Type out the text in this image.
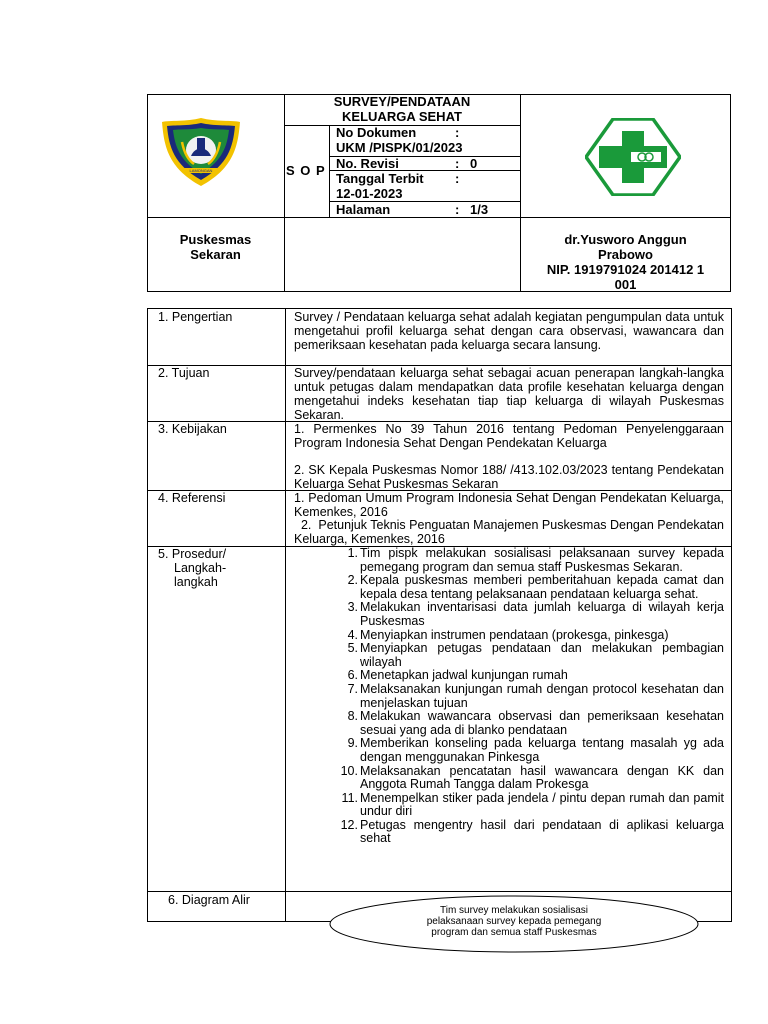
LAMONGAN
SURVEY/PENDATAAN
KELUARGA SEHAT
S O P
No Dokumen	:
UKM /PISPK/01/2023
No. Revisi	: 0
Tanggal Terbit :
12-01-2023
Halaman	: 1/3
Puskesmas
Sekaran
dr.Yusworo Anggun
Prabowo
NIP. 1919791024 201412 1
001
1. Pengertian	Survey / Pendataan keluarga sehat adalah kegiatan pengumpulan data untuk mengetahui profil keluarga sehat dengan cara observasi, wawancara dan pemeriksaan kesehatan pada keluarga secara lansung.
2. Tujuan	Survey/pendataan keluarga sehat sebagai acuan penerapan langkah-langka untuk petugas dalam mendapatkan data profile kesehatan keluarga dengan mengetahui indeks kesehatan tiap tiap keluarga di wilayah Puskesmas Sekaran.
3. Kebijakan	1. Permenkes No 39 Tahun 2016 tentang Pedoman Penyelenggaraan Program Indonesia Sehat Dengan Pendekatan Keluarga
2. SK Kepala Puskesmas Nomor 188/ /413.102.03/2023 tentang Pendekatan Keluarga Sehat Puskesmas Sekaran
4. Referensi	1. Pedoman Umum Program Indonesia Sehat Dengan Pendekatan Keluarga, Kemenkes, 2016
2.  Petunjuk Teknis Penguatan Manajemen Puskesmas Dengan Pendekatan Keluarga, Kemenkes, 2016
5. Prosedur/
Langkah-
langkah
1. Tim pispk melakukan sosialisasi pelaksanaan survey kepada pemegang program dan semua staff Puskesmas Sekaran.
2. Kepala puskesmas memberi pemberitahuan kepada camat dan kepala desa tentang pelaksanaan pendataan keluarga sehat.
3. Melakukan inventarisasi data jumlah keluarga di wilayah kerja Puskesmas
4. Menyiapkan instrumen pendataan (prokesga, pinkesga)
5. Menyiapkan petugas pendataan dan melakukan pembagian wilayah
6. Menetapkan jadwal kunjungan rumah
7. Melaksanakan kunjungan rumah dengan protocol kesehatan dan menjelaskan tujuan
8. Melakukan wawancara observasi dan pemeriksaan kesehatan sesuai yang ada di blanko pendataan
9. Memberikan konseling pada keluarga tentang masalah yg ada dengan menggunakan Pinkesga
10. Melaksanakan pencatatan hasil wawancara dengan KK dan Anggota Rumah Tangga dalam Prokesga
11. Menempelkan stiker pada jendela / pintu depan rumah dan pamit undur diri
12. Petugas mengentry hasil dari pendataan di aplikasi keluarga sehat
6. Diagram Alir
Tim survey melakukan sosialisasi
pelaksanaan survey kepada pemegang
program dan semua staff Puskesmas
